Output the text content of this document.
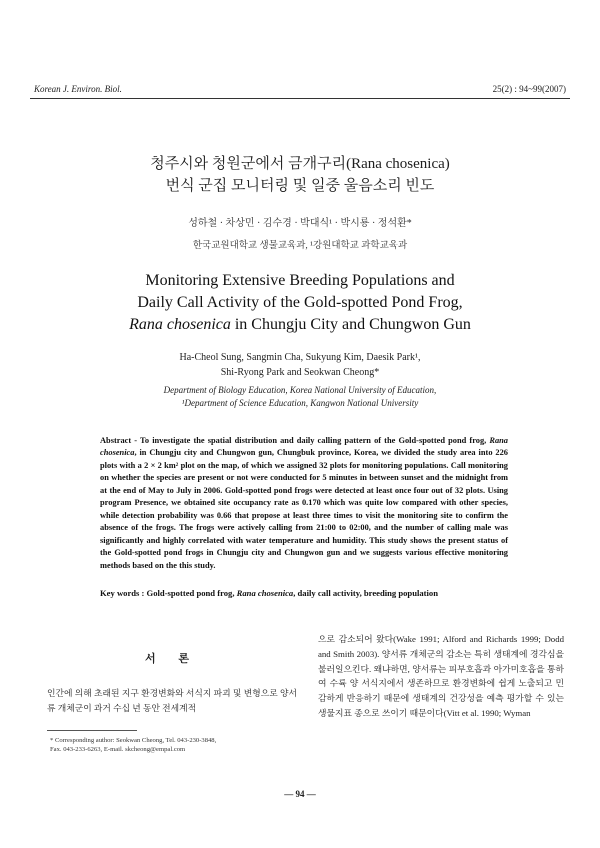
Korean J. Environ. Biol.	25(2) : 94~99(2007)
청주시와 청원군에서 금개구리(Rana chosenica)
번식 군집 모니터링 및 일중 울음소리 빈도
성하철 · 차상민 · 김수경 · 박대식¹ · 박시룡 · 정석환*
한국교원대학교 생물교육과, ¹강원대학교 과학교육과
Monitoring Extensive Breeding Populations and
Daily Call Activity of the Gold-spotted Pond Frog,
Rana chosenica in Chungju City and Chungwon Gun
Ha-Cheol Sung, Sangmin Cha, Sukyung Kim, Daesik Park¹,
Shi-Ryong Park and Seokwan Cheong*
Department of Biology Education, Korea National University of Education,
¹Department of Science Education, Kangwon National University
Abstract - To investigate the spatial distribution and daily calling pattern of the Gold-spotted pond frog, Rana chosenica, in Chungju city and Chungwon gun, Chungbuk province, Korea, we divided the study area into 226 plots with a 2 × 2 km² plot on the map, of which we assigned 32 plots for monitoring populations. Call monitoring on whether the species are present or not were conducted for 5 minutes in between sunset and the midnight from at the end of May to July in 2006. Gold-spotted pond frogs were detected at least once four out of 32 plots. Using program Presence, we obtained site occupancy rate as 0.170 which was quite low compared with other species, while detection probability was 0.66 that propose at least three times to visit the monitoring site to confirm the absence of the frogs. The frogs were actively calling from 21:00 to 02:00, and the number of calling male was significantly and highly correlated with water temperature and humidity. This study shows the present status of the Gold-spotted pond frogs in Chungju city and Chungwon gun and we suggests various effective monitoring methods based on the this study.
Key words : Gold-spotted pond frog, Rana chosenica, daily call activity, breeding population
서 론
인간에 의해 초래된 지구 환경변화와 서식지 파괴 및 변형으로 양서류 개체군이 과거 수십 년 동안 전세계적
* Corresponding author: Seokwan Cheong, Tel. 043-230-3848,
Fax. 043-233-6263, E-mail. skcheong@empal.com
으로 감소되어 왔다(Wake 1991; Alford and Richards 1999; Dodd and Smith 2003). 양서류 개체군의 감소는 특히 생태계에 경각심을 불러일으킨다. 왜냐하면, 양서류는 피부호흡과 아가미호흡을 통하여 수륙 양 서식지에서 생존하므로 환경변화에 쉽게 노출되고 민감하게 반응하기 때문에 생태계의 건강성을 예측 평가할 수 있는 생물지표 종으로 쓰이기 때문이다(Vitt et al. 1990; Wyman
— 94 —
